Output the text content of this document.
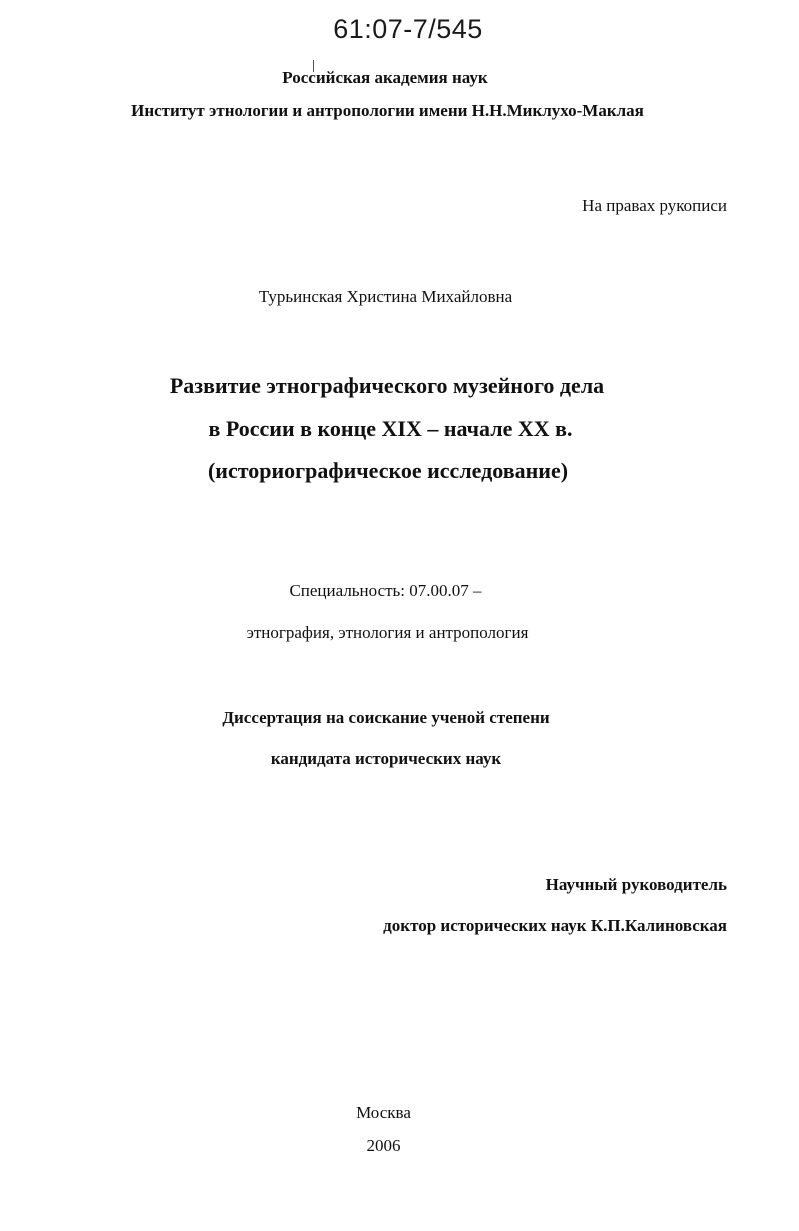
61:07-7/545
Российская академия наук
Институт этнологии и антропологии имени Н.Н.Миклухо-Маклая
На правах рукописи
Турьинская Христина Михайловна
Развитие этнографического музейного дела
в России в конце XIX – начале XX в.
(историографическое исследование)
Специальность: 07.00.07 –
этнография, этнология и антропология
Диссертация на соискание ученой степени
кандидата исторических наук
Научный руководитель
доктор исторических наук К.П.Калиновская
Москва
2006
